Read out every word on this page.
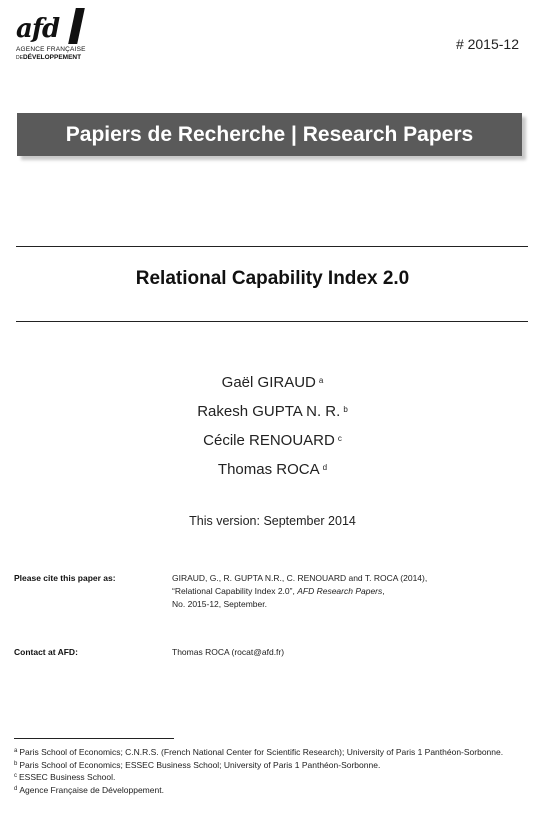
afd
AGENCE FRANÇAISE
DEDÉVELOPPEMENT
# 2015-12
Papiers de Recherche | Research Papers
Relational Capability Index 2.0
Gaël GIRAUD $^a$
Rakesh GUPTA N. R. $^b$
Cécile RENOUARD $^c$
Thomas ROCA $^d$
This version: September 2014
Please cite this paper as:	GIRAUD, G., R. GUPTA N.R., C. RENOUARD and T. ROCA (2014),
“Relational Capability Index 2.0”, AFD Research Papers,
No. 2015-12, September.
Contact at AFD:	Thomas ROCA (rocat@afd.fr)
$^a$ Paris School of Economics; C.N.R.S. (French National Center for Scientific Research); University of Paris 1 Panthéon-Sorbonne.
$^b$ Paris School of Economics; ESSEC Business School; University of Paris 1 Panthéon-Sorbonne.
$^c$ ESSEC Business School.
$^d$ Agence Française de Développement.
